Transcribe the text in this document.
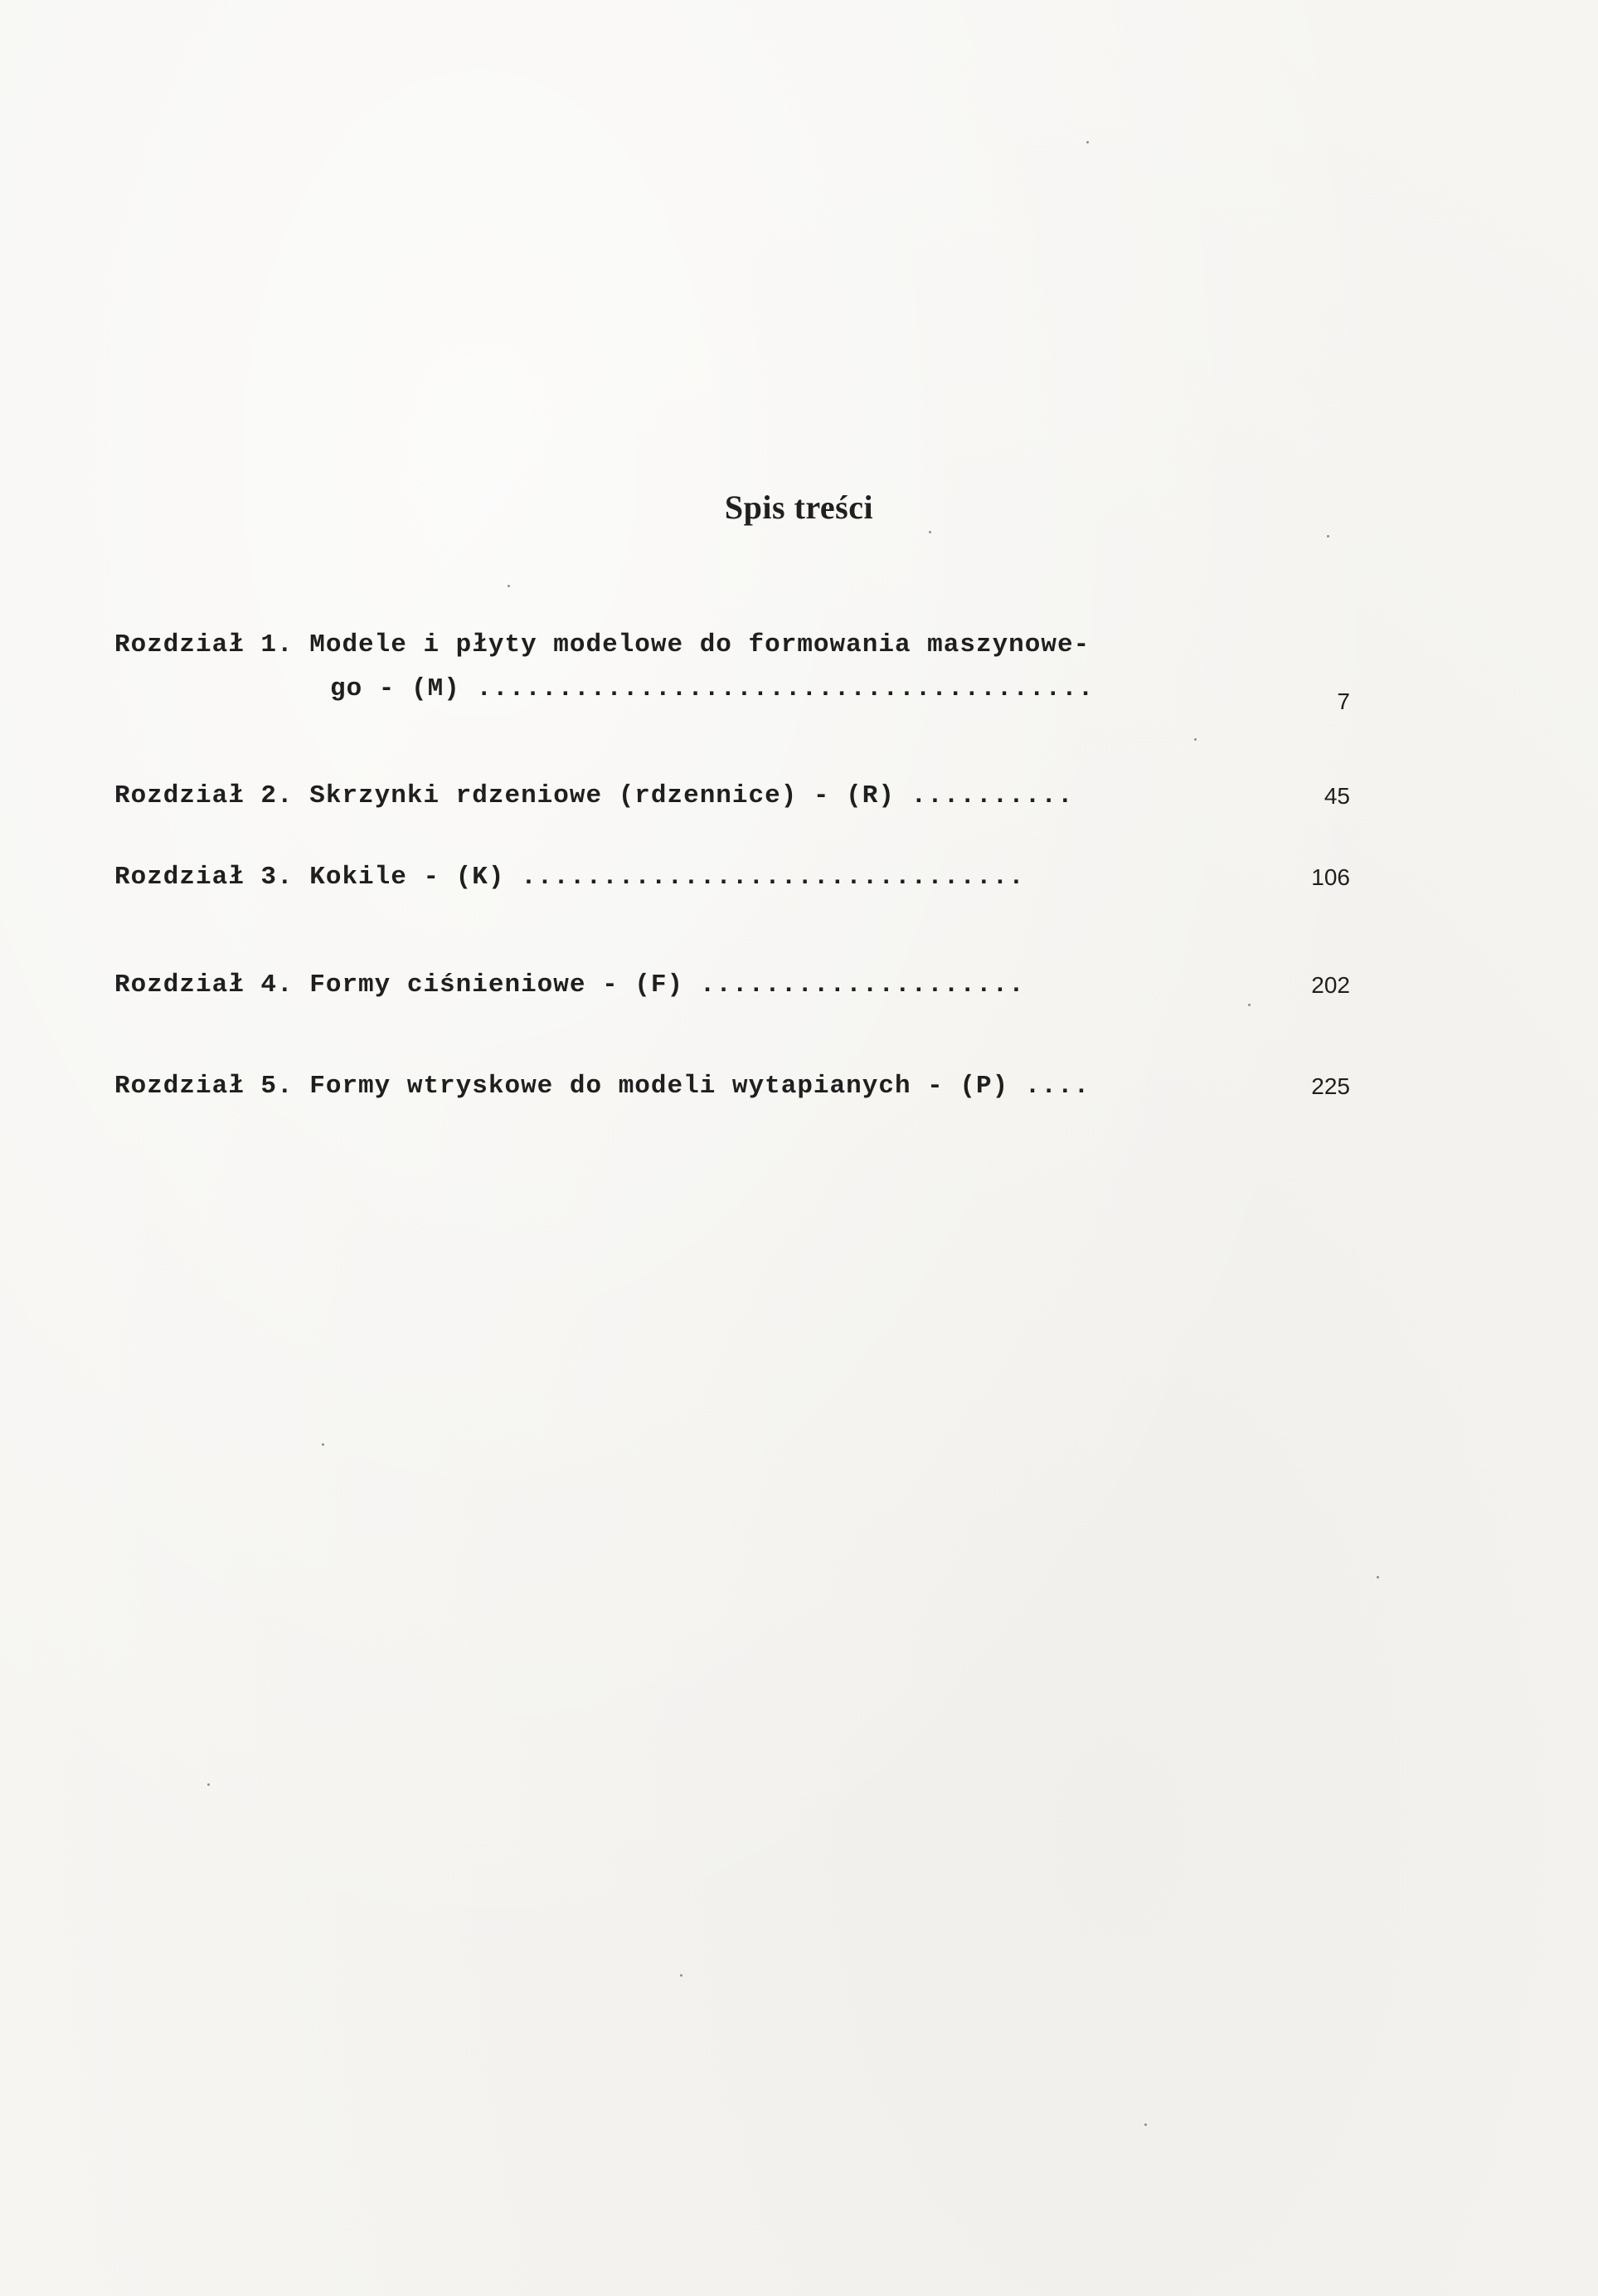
Spis treści
Rozdział 1. Modele i płyty modelowe do formowania maszynowe-
go - (M) ......................................	7
Rozdział 2. Skrzynki rdzeniowe (rdzennice) - (R) ..........	45
Rozdział 3. Kokile - (K) ...............................	106
Rozdział 4. Formy ciśnieniowe - (F) ....................	202
Rozdział 5. Formy wtryskowe do modeli wytapianych - (P) ....	225
